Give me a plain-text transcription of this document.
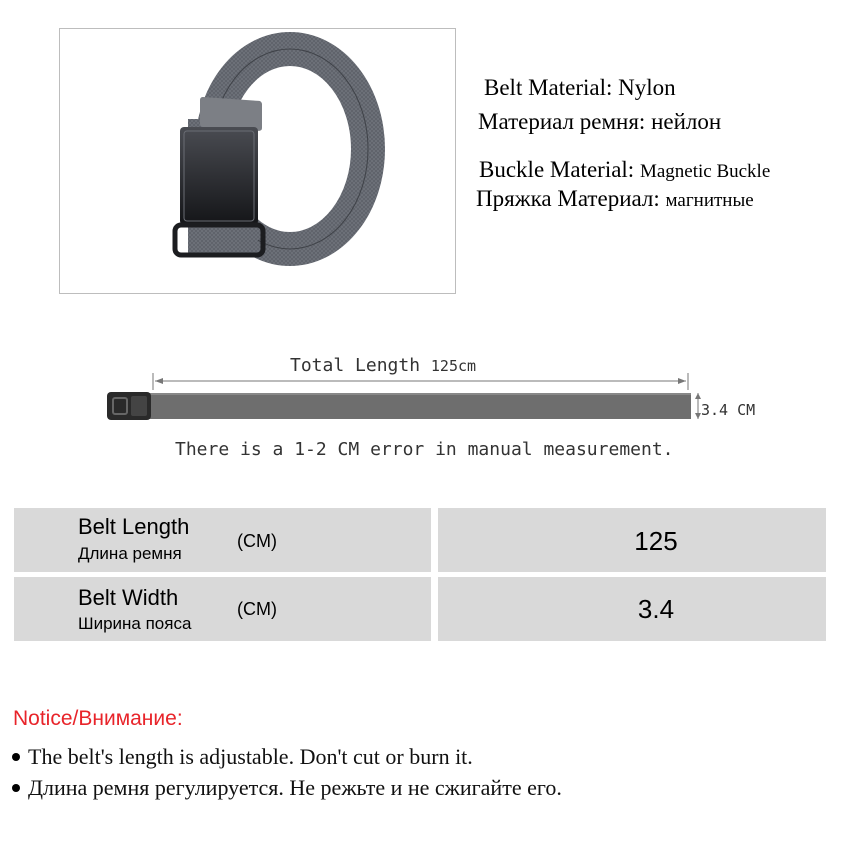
Belt Material: Nylon
Материал ремня: нейлон
Buckle Material: Magnetic Buckle
Пряжка Материал: магнитные
Total Length 125cm
3.4 CM
There is a 1-2 CM error in manual measurement.
Belt Length
Длина ремня
(CM)	125
Belt Width
Ширина пояса
(CM)	3.4
Notice/Внимание:
The belt's length is adjustable. Don't cut or burn it.
Длина ремня регулируется. Не режьте и не сжигайте его.
